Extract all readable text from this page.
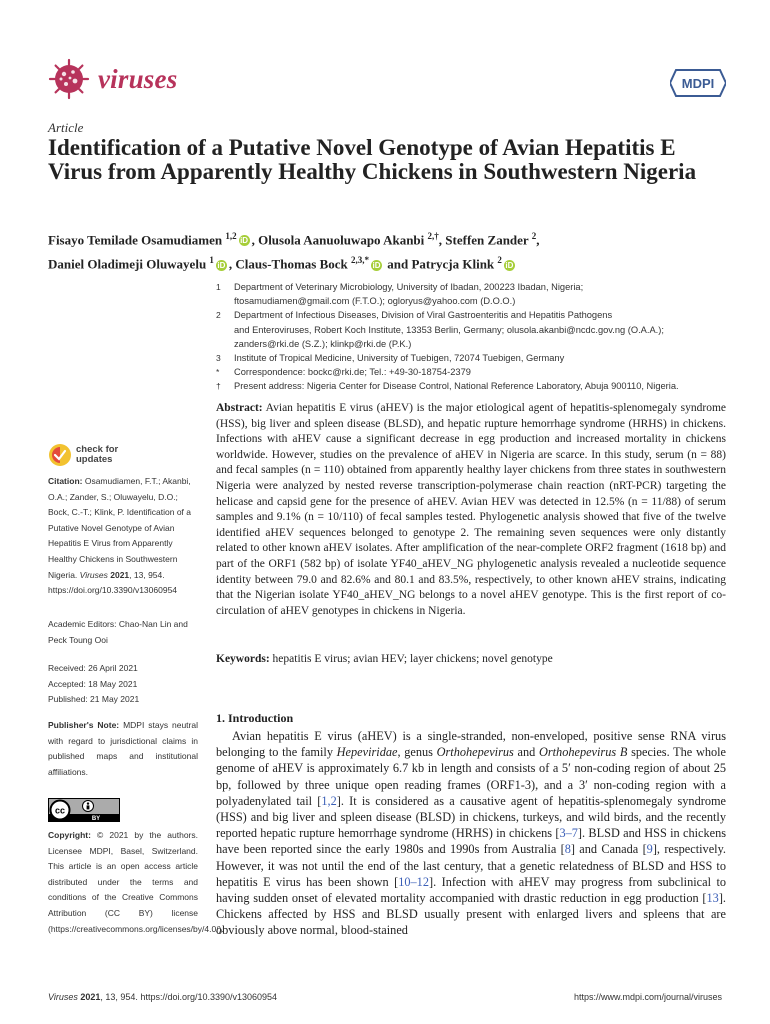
viruses	MDPI
Article
Identification of a Putative Novel Genotype of Avian Hepatitis E Virus from Apparently Healthy Chickens in Southwestern Nigeria
Fisayo Temilade Osamudiamen $^{1,2}$ iD , Olusola Aanuoluwapo Akanbi $^{2,\dagger}$, Steffen Zander $^2$,
Daniel Oladimeji Oluwayelu $^1$ iD , Claus-Thomas Bock $^{2,3,*}$ iD and Patrycja Klink $^2$ iD
1	Department of Veterinary Microbiology, University of Ibadan, 200223 Ibadan, Nigeria;
ftosamudiamen@gmail.com (F.T.O.); ogloryus@yahoo.com (D.O.O.)
2	Department of Infectious Diseases, Division of Viral Gastroenteritis and Hepatitis Pathogens
and Enteroviruses, Robert Koch Institute, 13353 Berlin, Germany; olusola.akanbi@ncdc.gov.ng (O.A.A.);
zanders@rki.de (S.Z.); klinkp@rki.de (P.K.)
3	Institute of Tropical Medicine, University of Tuebigen, 72074 Tuebigen, Germany
*	Correspondence: bockc@rki.de; Tel.: +49-30-18754-2379
†	Present address: Nigeria Center for Disease Control, National Reference Laboratory, Abuja 900110, Nigeria.

Abstract: Avian hepatitis E virus (aHEV) is the major etiological agent of hepatitis-splenomegaly syndrome (HSS), big liver and spleen disease (BLSD), and hepatic rupture hemorrhage syndrome (HRHS) in chickens. Infections with aHEV cause a significant decrease in egg production and increased mortality in chickens worldwide. However, studies on the prevalence of aHEV in Nigeria are scarce. In this study, serum (n = 88) and fecal samples (n = 110) obtained from apparently healthy layer chickens from three states in southwestern Nigeria were analyzed by nested reverse transcription-polymerase chain reaction (nRT-PCR) targeting the helicase and capsid gene for the presence of aHEV. Avian HEV was detected in 12.5% (n = 11/88) of serum samples and 9.1% (n = 10/110) of fecal samples tested. Phylogenetic analysis showed that five of the twelve identified aHEV sequences belonged to genotype 2. The remaining seven sequences were only distantly related to other known aHEV isolates. After amplification of the near-complete ORF2 fragment (1618 bp) and part of the ORF1 (582 bp) of isolate YF40_aHEV_NG phylogenetic analysis revealed a nucleotide sequence identity between 79.0 and 82.6% and 80.1 and 83.5%, respectively, to other known aHEV strains, indicating that the Nigerian isolate YF40_aHEV_NG belongs to a novel aHEV genotype. This is the first report of co-circulation of aHEV genotypes in chickens in Nigeria.

Keywords: hepatitis E virus; avian HEV; layer chickens; novel genotype
1. Introduction

Avian hepatitis E virus (aHEV) is a single-stranded, non-enveloped, positive sense RNA virus belonging to the family Hepeviridae, genus Orthohepevirus and Orthohepevirus B species. The whole genome of aHEV is approximately 6.7 kb in length and consists of a 5′ non-coding region of about 25 bp, followed by three unique open reading frames (ORF1-3), and a 3′ non-coding region with a polyadenylated tail [1,2]. It is considered as a causative agent of hepatitis-splenomegaly syndrome (HSS) and big liver and spleen disease (BLSD) in chickens, turkeys, and wild birds, and the recently reported hepatic rupture hemorrhage syndrome (HRHS) in chickens [3–7]. BLSD and HSS in chickens have been reported since the early 1980s and 1990s from Australia [8] and Canada [9], respectively. However, it was not until the end of the last century, that a genetic relatedness of BLSD and HSS to hepatitis E virus has been shown [10–12]. Infection with aHEV may progress from subclinical to having sudden onset of elevated mortality accompanied with drastic reduction in egg production [13]. Chickens affected by HSS and BLSD usually present with enlarged livers and spleens that are obviously above normal, blood-stained

check for
updates
Citation: Osamudiamen, F.T.; Akanbi, O.A.; Zander, S.; Oluwayelu, D.O.; Bock, C.-T.; Klink, P. Identification of a Putative Novel Genotype of Avian Hepatitis E Virus from Apparently Healthy Chickens in Southwestern Nigeria. Viruses 2021, 13, 954. https://doi.org/10.3390/v13060954
Academic Editors: Chao-Nan Lin and Peck Toung Ooi
Received: 26 April 2021
Accepted: 18 May 2021
Published: 21 May 2021
Publisher's Note: MDPI stays neutral with regard to jurisdictional claims in published maps and institutional affiliations.
cc
BY
Copyright: © 2021 by the authors. Licensee MDPI, Basel, Switzerland. This article is an open access article distributed under the terms and conditions of the Creative Commons Attribution (CC BY) license (https://creativecommons.org/licenses/by/4.0/).
Viruses 2021, 13, 954. https://doi.org/10.3390/v13060954	https://www.mdpi.com/journal/viruses
